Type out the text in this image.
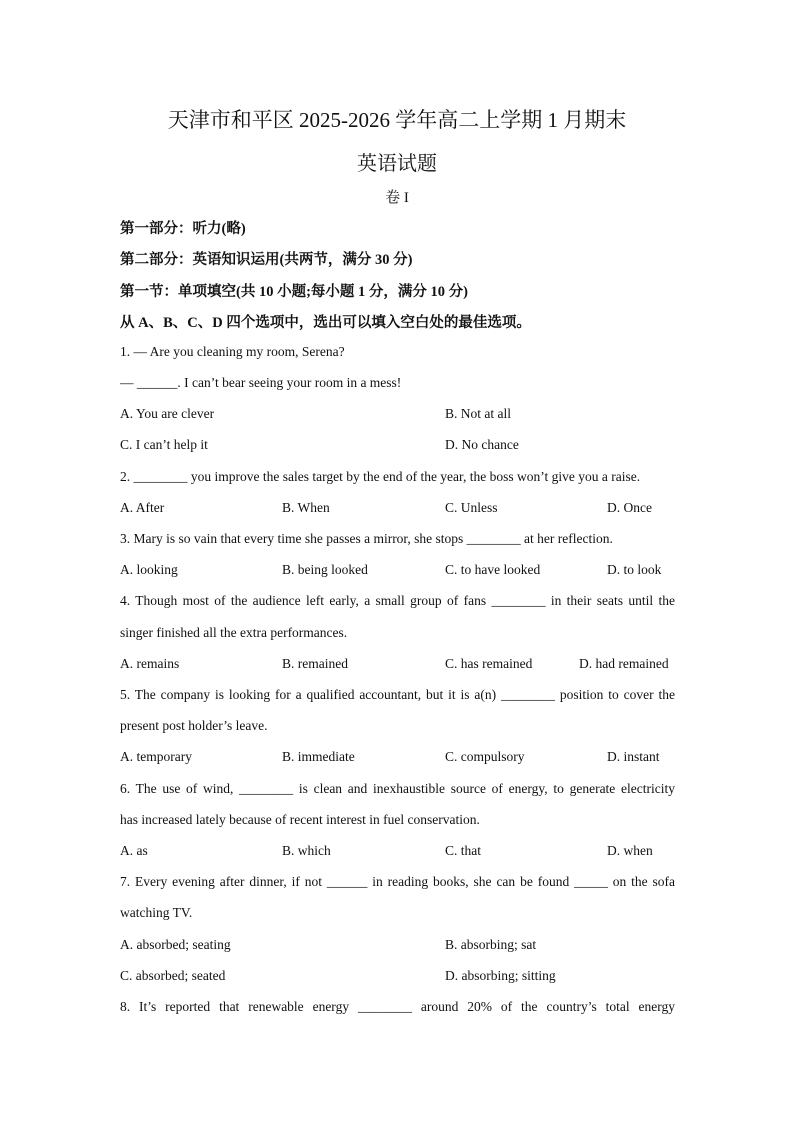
天津市和平区 2025-2026 学年高二上学期 1 月期末
英语试题
卷 I
第一部分：听力(略)
第二部分：英语知识运用(共两节，满分 30 分)
第一节：单项填空(共 10 小题;每小题 1 分，满分 10 分)
从 A、B、C、D 四个选项中，选出可以填入空白处的最佳选项。
1. — Are you cleaning my room, Serena?
— ______. I can’t bear seeing your room in a mess!
A. You are clever	B. Not at all
C. I can’t help it	D. No chance
2. ________ you improve the sales target by the end of the year, the boss won’t give you a raise.
A. After	B. When	C. Unless	D. Once
3. Mary is so vain that every time she passes a mirror, she stops ________ at her reflection.
A. looking	B. being looked	C. to have looked	D. to look
4. Though most of the audience left early, a small group of fans ________ in their seats until the
singer finished all the extra performances.
A. remains	B. remained	C. has remained	D. had remained
5. The company is looking for a qualified accountant, but it is a(n) ________ position to cover the
present post holder’s leave.
A. temporary	B. immediate	C. compulsory	D. instant
6. The use of wind, ________ is clean and inexhaustible source of energy, to generate electricity
has increased lately because of recent interest in fuel conservation.
A. as	B. which	C. that	D. when
7. Every evening after dinner, if not ______ in reading books, she can be found _____ on the sofa
watching TV.
A. absorbed; seating	B. absorbing; sat
C. absorbed; seated	D. absorbing; sitting
8. It’s reported that renewable energy ________ around 20% of the country’s total energy
